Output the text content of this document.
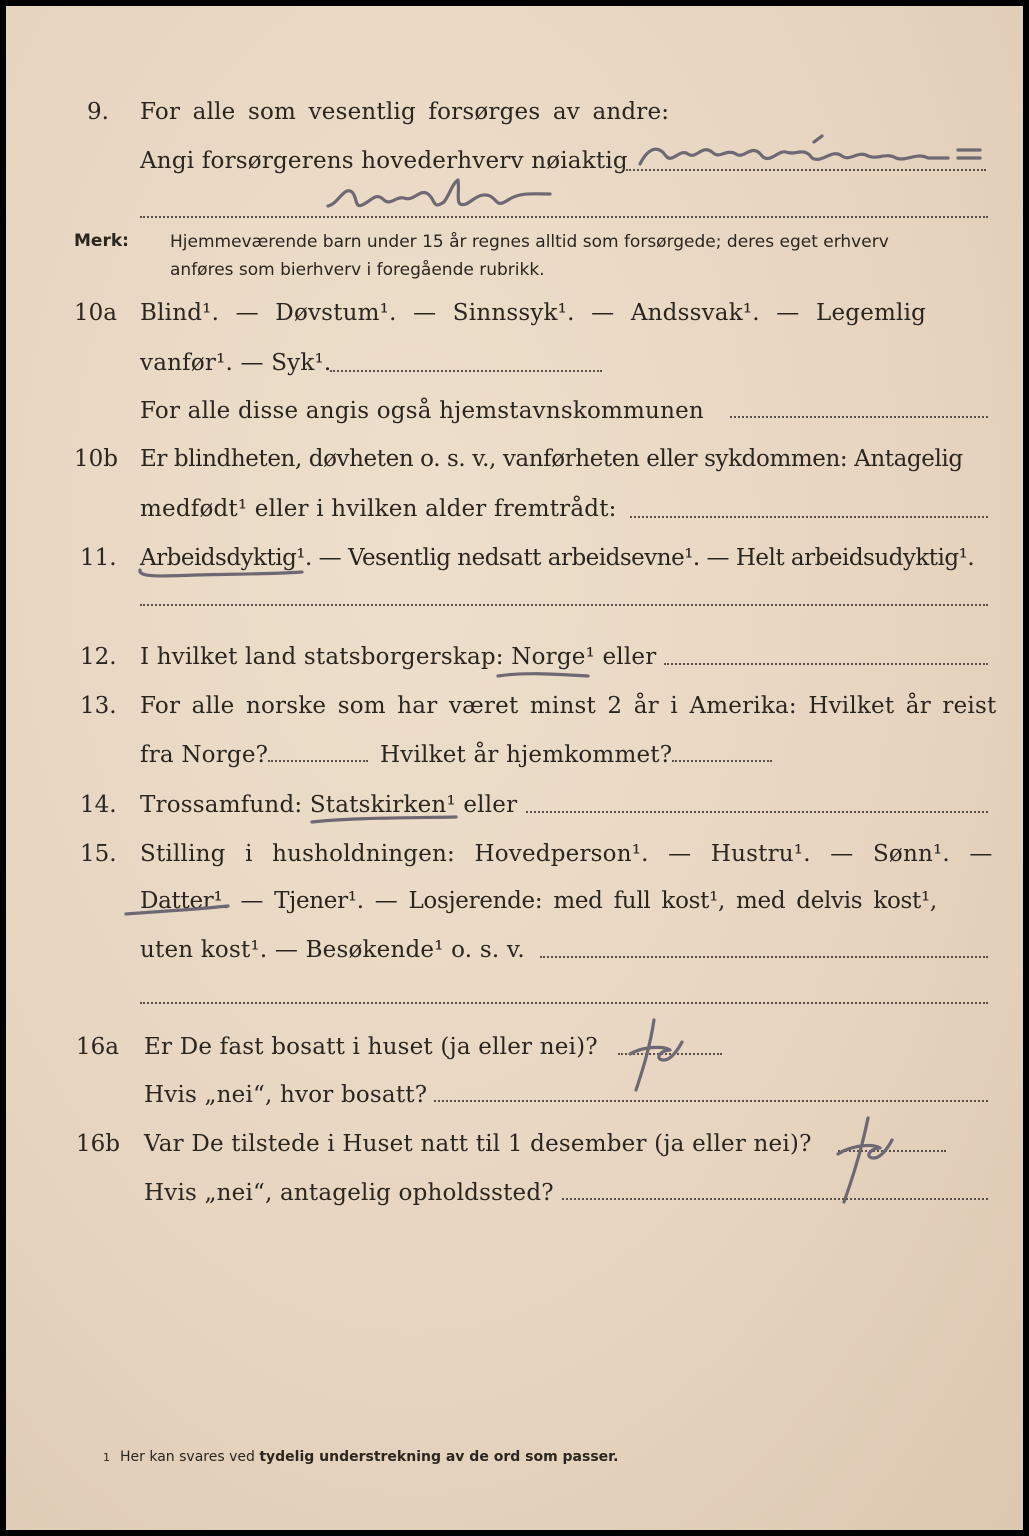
9. For alle som vesentlig forsørges av andre:
Angi forsørgerens hovederhverv nøiaktig
Merk: Hjemmeværende barn under 15 år regnes alltid som forsørgede; deres eget erhverv
anføres som bierhverv i foregående rubrikk.
10a Blind¹. — Døvstum¹. — Sinnssyk¹. — Andssvak¹. — Legemlig
vanfør¹. — Syk¹.
For alle disse angis også hjemstavnskommunen
10b Er blindheten, døvheten o. s. v., vanførheten eller sykdommen: Antagelig
medfødt¹ eller i hvilken alder fremtrådt:
11. Arbeidsdyktig¹. — Vesentlig nedsatt arbeidsevne¹. — Helt arbeidsudyktig¹.
12. I hvilket land statsborgerskap: Norge¹ eller
13. For alle norske som har været minst 2 år i Amerika: Hvilket år reist
fra Norge?	Hvilket år hjemkommet?
14. Trossamfund: Statskirken¹ eller
15. Stilling i husholdningen: Hovedperson¹. — Hustru¹. — Sønn¹. —
Datter¹. — Tjener¹. — Losjerende: med full kost¹, med delvis kost¹,
uten kost¹. — Besøkende¹ o. s. v.
16a Er De fast bosatt i huset (ja eller nei)?
Hvis „nei“, hvor bosatt?
16b Var De tilstede i Huset natt til 1 desember (ja eller nei)?
Hvis „nei“, antagelig opholdssted?
1 Her kan svares ved tydelig understrekning av de ord som passer.
